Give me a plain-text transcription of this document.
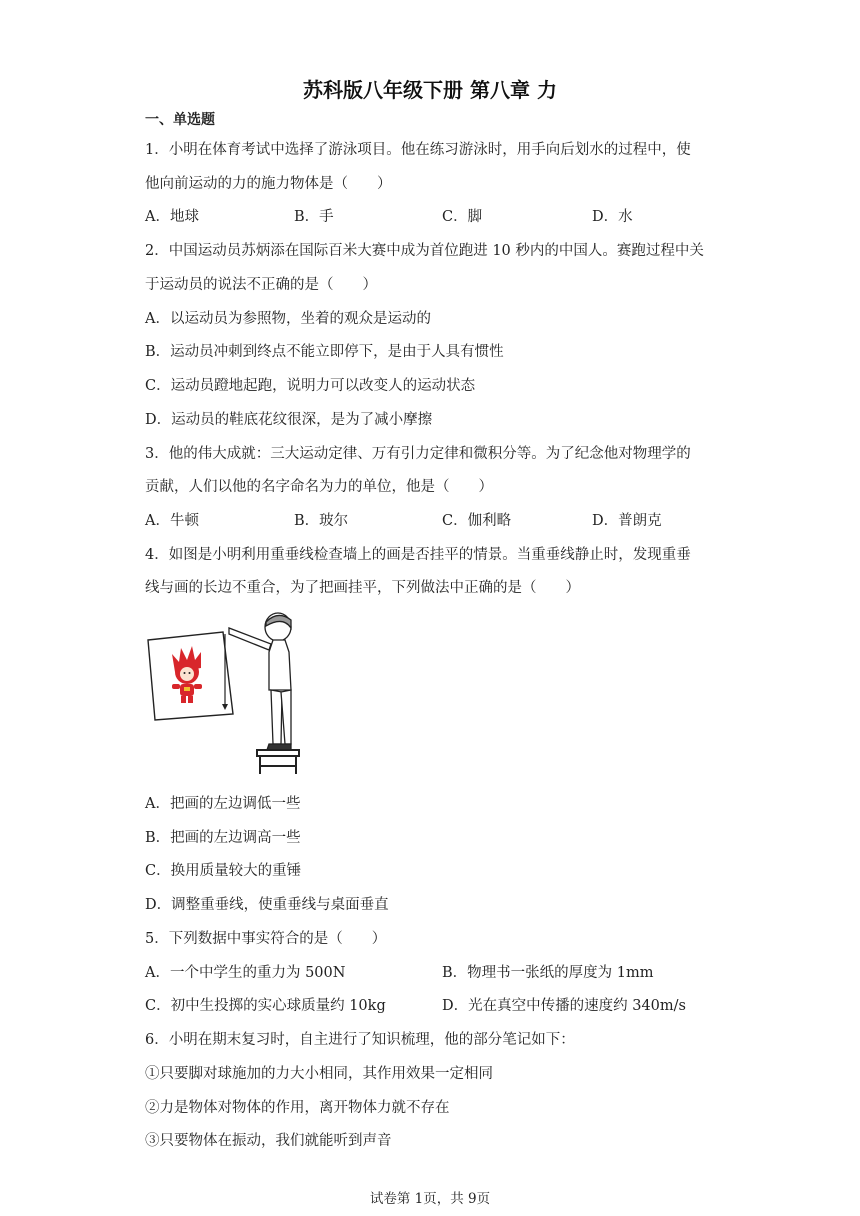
苏科版八年级下册 第八章 力
一、单选题
1．小明在体育考试中选择了游泳项目。他在练习游泳时，用手向后划水的过程中，使
他向前运动的力的施力物体是（　　）
A．地球	B．手	C．脚	D．水
2．中国运动员苏炳添在国际百米大赛中成为首位跑进 10 秒内的中国人。赛跑过程中关
于运动员的说法不正确的是（　　）
A．以运动员为参照物，坐着的观众是运动的
B．运动员冲刺到终点不能立即停下，是由于人具有惯性
C．运动员蹬地起跑，说明力可以改变人的运动状态
D．运动员的鞋底花纹很深，是为了减小摩擦
3．他的伟大成就：三大运动定律、万有引力定律和微积分等。为了纪念他对物理学的
贡献，人们以他的名字命名为力的单位，他是（　　）
A．牛顿	B．玻尔	C．伽利略	D．普朗克
4．如图是小明利用重垂线检查墙上的画是否挂平的情景。当重垂线静止时，发现重垂
线与画的长边不重合，为了把画挂平，下列做法中正确的是（　　）
A．把画的左边调低一些
B．把画的左边调高一些
C．换用质量较大的重锤
D．调整重垂线，使重垂线与桌面垂直
5．下列数据中事实符合的是（　　）
A．一个中学生的重力为 500N	B．物理书一张纸的厚度为 1mm
C．初中生投掷的实心球质量约 10kg	D．光在真空中传播的速度约 340m/s
6．小明在期末复习时，自主进行了知识梳理，他的部分笔记如下：
①只要脚对球施加的力大小相同，其作用效果一定相同
②力是物体对物体的作用，离开物体力就不存在
③只要物体在振动，我们就能听到声音
试卷第 1页，共 9页
